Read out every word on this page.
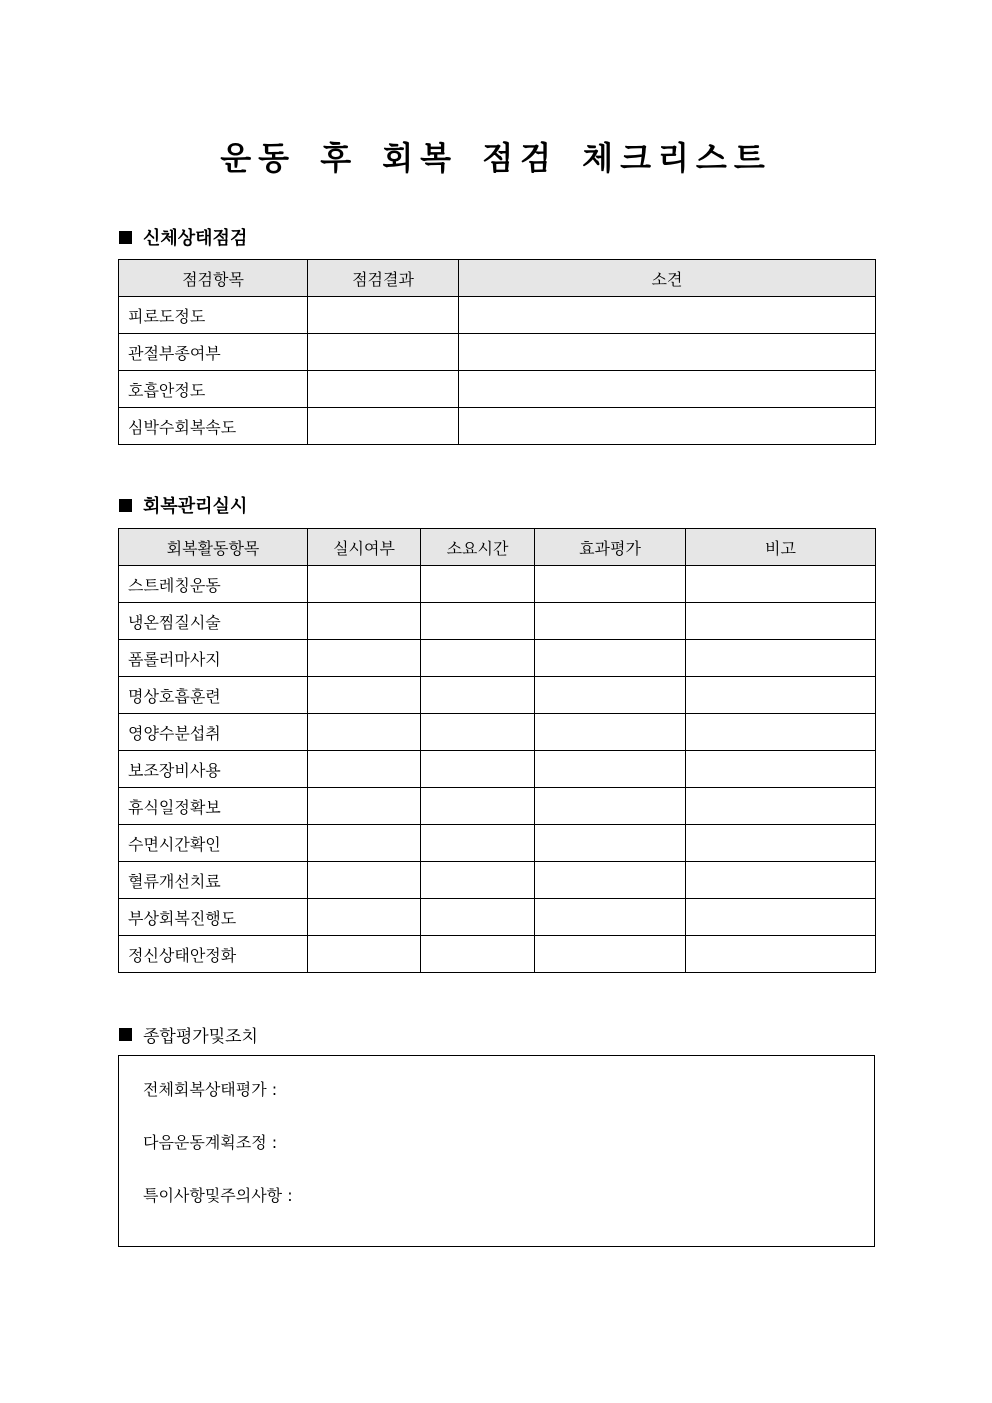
운동 후 회복 점검 체크리스트
신체상태점검
점검항목	점검결과	소견
피로도정도		
관절부종여부		
호흡안정도		
심박수회복속도		
회복관리실시
회복활동항목	실시여부	소요시간	효과평가	비고
스트레칭운동				
냉온찜질시술				
폼롤러마사지				
명상호흡훈련				
영양수분섭취				
보조장비사용				
휴식일정확보				
수면시간확인				
혈류개선치료				
부상회복진행도				
정신상태안정화				
종합평가및조치
전체회복상태평가 :
다음운동계획조정 :
특이사항및주의사항 :
